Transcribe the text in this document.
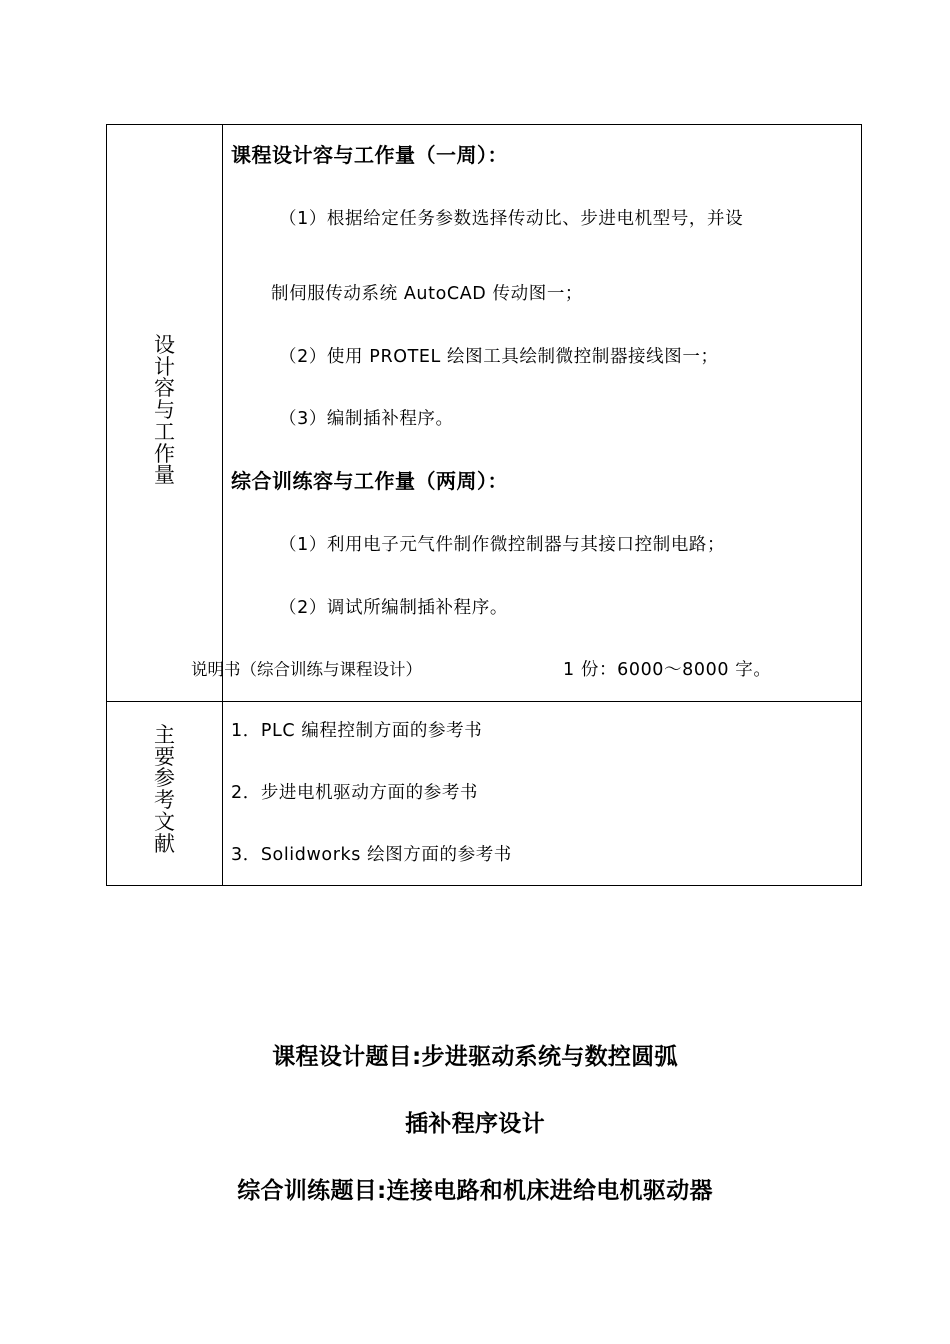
设
计
容
与
工
作
量
课程设计容与工作量（一周）：
（1）根据给定任务参数选择传动比、步进电机型号，并设
制伺服传动系统 AutoCAD 传动图一；
（2）使用 PROTEL 绘图工具绘制微控制器接线图一；
（3）编制插补程序。
综合训练容与工作量（两周）：
（1）利用电子元气件制作微控制器与其接口控制电路；
（2）调试所编制插补程序。
说明书（综合训练与课程设计）	1 份：6000～8000 字。
主
要
参
考
文
献
1．PLC 编程控制方面的参考书
2．步进电机驱动方面的参考书
3．Solidworks 绘图方面的参考书
课程设计题目:步进驱动系统与数控圆弧
插补程序设计
综合训练题目:连接电路和机床进给电机驱动器
